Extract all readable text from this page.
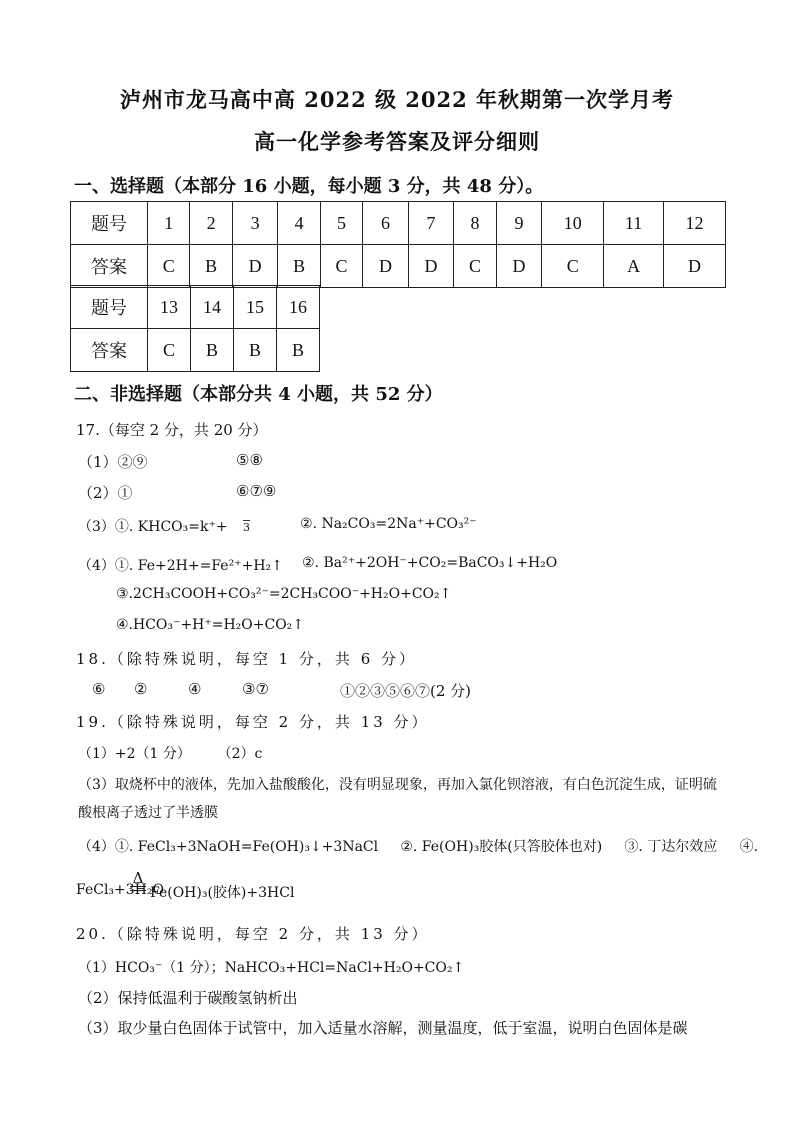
泸州市龙马高中高 2022 级 2022 年秋期第一次学月考
高一化学参考答案及评分细则
一、选择题（本部分 16 小题，每小题 3 分，共 48 分）。
题号	1	2	3	4	5	6	7	8	9	10	11	12
答案	C	B	D	B	C	D	D	C	D	C	A	D
题号	13	14	15	16
答案	C	B	B	B
二、非选择题（本部分共 4 小题，共 52 分）
17.（每空 2 分，共 20 分）
（1）②⑨	⑤⑧
（2）①	⑥⑦⑨
（3）①. KHCO₃=k⁺+ 3	②. Na₂CO₃=2Na⁺+CO₃²⁻
（4）①. Fe+2H+=Fe²⁺+H₂↑ ②. Ba²⁺+2OH⁻+CO₂=BaCO₃↓+H₂O
③.2CH₃COOH+CO₃²⁻=2CH₃COO⁻+H₂O+CO₂↑
④.HCO₃⁻+H⁺=H₂O+CO₂↑
18.（除特殊说明，每空 1 分，共 6 分）
⑥ ②	④	③⑦	①②③⑤⑥⑦(2 分)
19.（除特殊说明，每空 2 分，共 13 分）
（1）+2（1 分）      （2）c
（3）取烧杯中的液体，先加入盐酸酸化，没有明显现象，再加入氯化钡溶液，有白色沉淀生成，证明硫
酸根离子透过了半透膜
（4）①. FeCl₃+3NaOH=Fe(OH)₃↓+3NaCl     ②. Fe(OH)₃胶体(只答胶体也对)     ③. 丁达尔效应     ④.
FeCl₃+3H₂O
Δ
Fe(OH)₃(胶体)+3HCl
20.（除特殊说明，每空 2 分，共 13 分）
（1）HCO₃⁻（1 分）；NaHCO₃+HCl=NaCl+H₂O+CO₂↑
（2）保持低温利于碳酸氢钠析出
（3）取少量白色固体于试管中，加入适量水溶解，测量温度，低于室温，说明白色固体是碳
